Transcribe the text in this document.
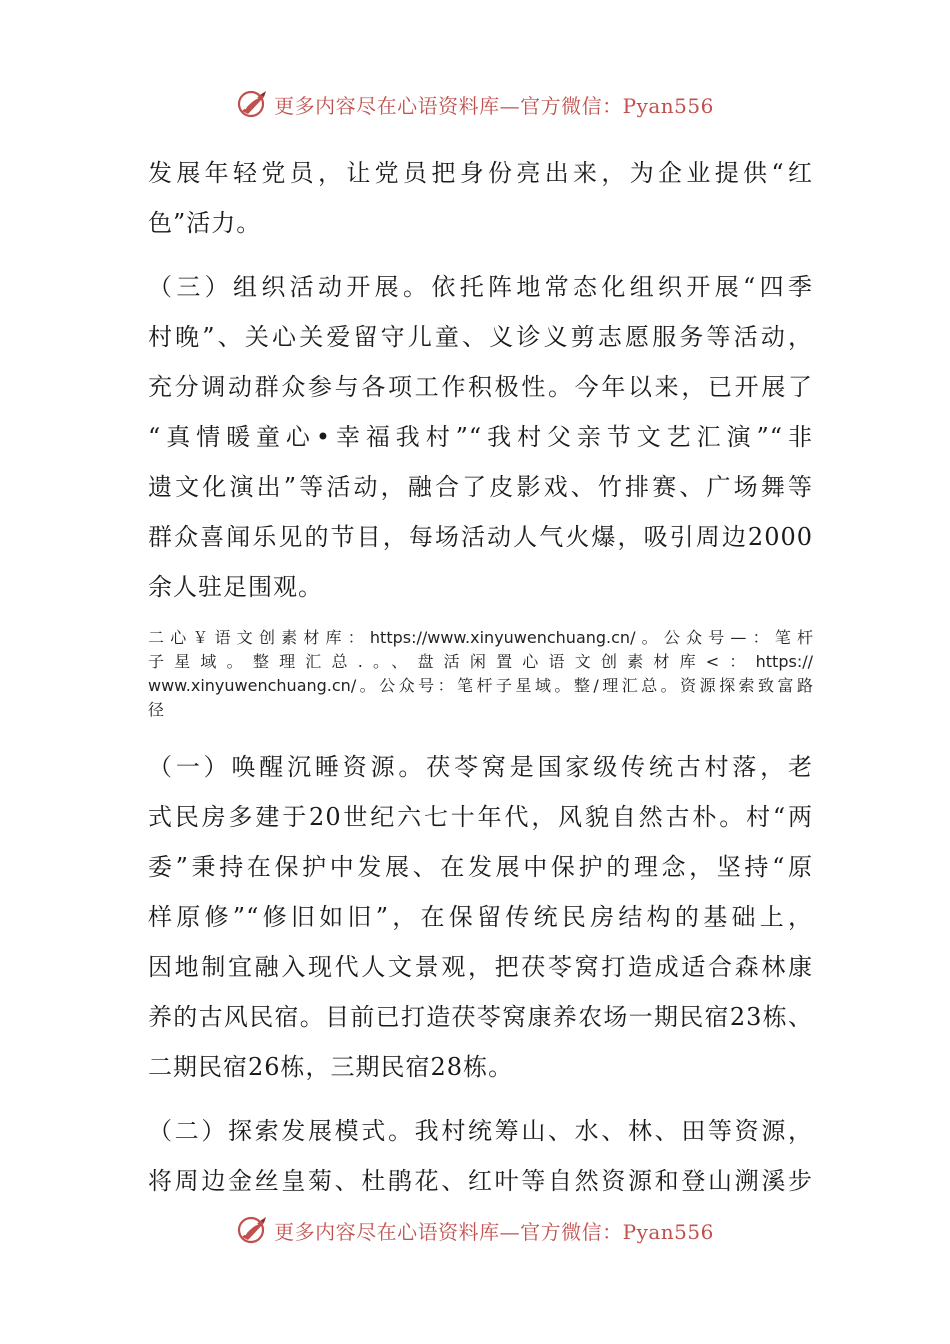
更多内容尽在心语资料库—官方微信：Pyan556
发展年轻党员，让党员把身份亮出来，为企业提供“红
色”活力。
（三）组织活动开展。依托阵地常态化组织开展“四季
村晚”、关心关爱留守儿童、义诊义剪志愿服务等活动，
充分调动群众参与各项工作积极性。今年以来，已开展了
“真情暖童心•幸福我村”“我村父亲节文艺汇演”“非
遗文化演出”等活动，融合了皮影戏、竹排赛、广场舞等
群众喜闻乐见的节目，每场活动人气火爆，吸引周边2000
余人驻足围观。
二心￥语文创素材库：https://www.xinyuwenchuang.cn/。公众号—：笔杆
子星域。整理汇总.。、盘活闲置心语文创素材库<：https://
www.xinyuwenchuang.cn/。公众号：笔杆子星域。整/理汇总。资源探索致富路
径
（一）唤醒沉睡资源。茯苓窝是国家级传统古村落，老
式民房多建于20世纪六七十年代，风貌自然古朴。村“两
委”秉持在保护中发展、在发展中保护的理念，坚持“原
样原修”“修旧如旧”，在保留传统民房结构的基础上，
因地制宜融入现代人文景观，把茯苓窝打造成适合森林康
养的古风民宿。目前已打造茯苓窝康养农场一期民宿23栋、
二期民宿26栋，三期民宿28栋。
（二）探索发展模式。我村统筹山、水、林、田等资源，
将周边金丝皇菊、杜鹃花、红叶等自然资源和登山溯溪步
更多内容尽在心语资料库—官方微信：Pyan556
